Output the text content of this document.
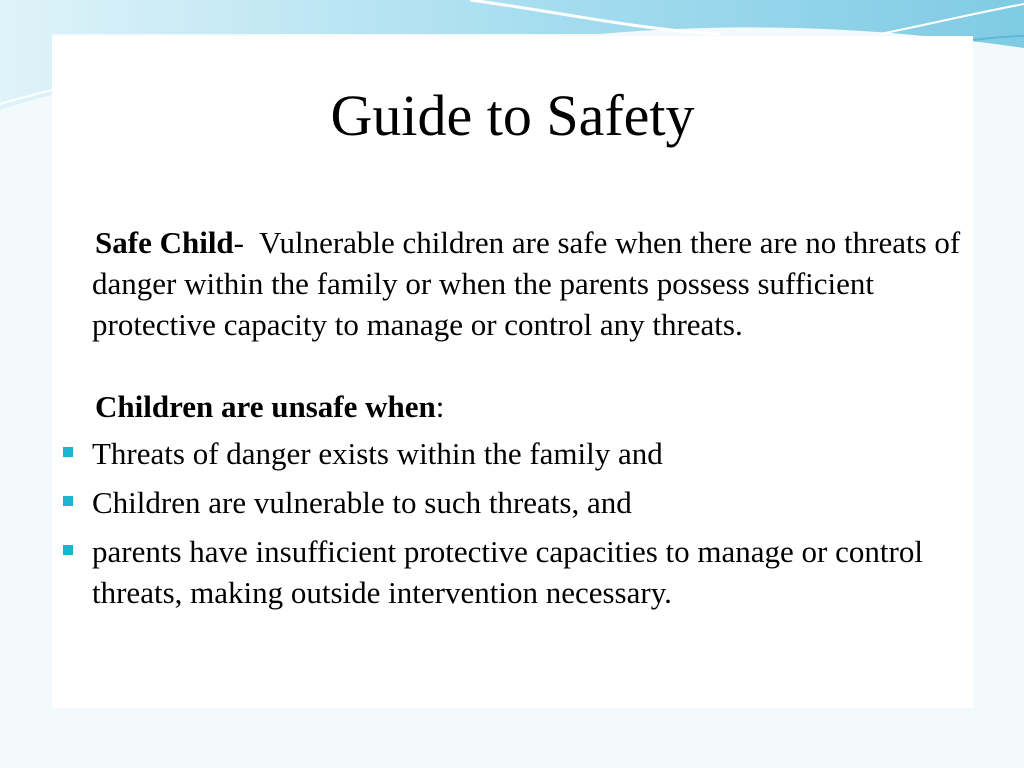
Guide to Safety

Safe Child-  Vulnerable children are safe when there are no threats of danger within the family or when the parents possess sufficient protective capacity to manage or control any threats.

Children are unsafe when:

Threats of danger exists within the family and
Children are vulnerable to such threats, and
parents have insufficient protective capacities to manage or control threats, making outside intervention necessary.
